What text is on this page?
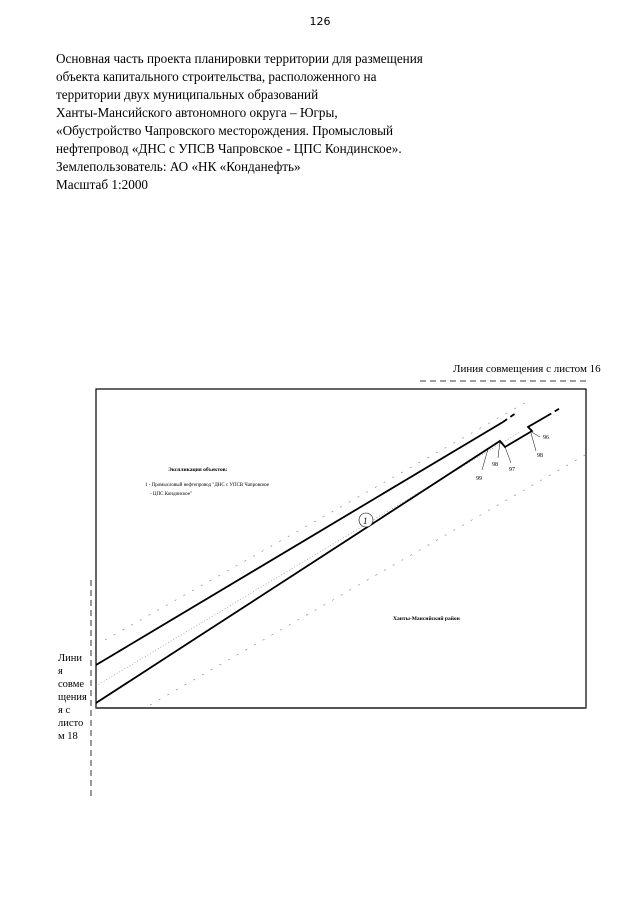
126
Основная часть проекта планировки территории для размещения
объекта капитального строительства, расположенного на
территории двух муниципальных образований
Ханты-Мансийского автономного округа – Югры,
«Обустройство Чапровского месторождения. Промысловый
нефтепровод «ДНС с УПСВ Чапровское - ЦПС Кондинское».
Землепользователь: АО «НК «Конданефть»
Масштаб 1:2000
Линия совмещения с листом 16
Лини
я
совме
щения
я с
листо
м 18
96
98
97
98
99
1
Экспликация объектов:
1 - Промысловый нефтепровод "ДНС с УПСВ Чапровское
- ЦПС Кондинское"
Ханты-Мансийский район
